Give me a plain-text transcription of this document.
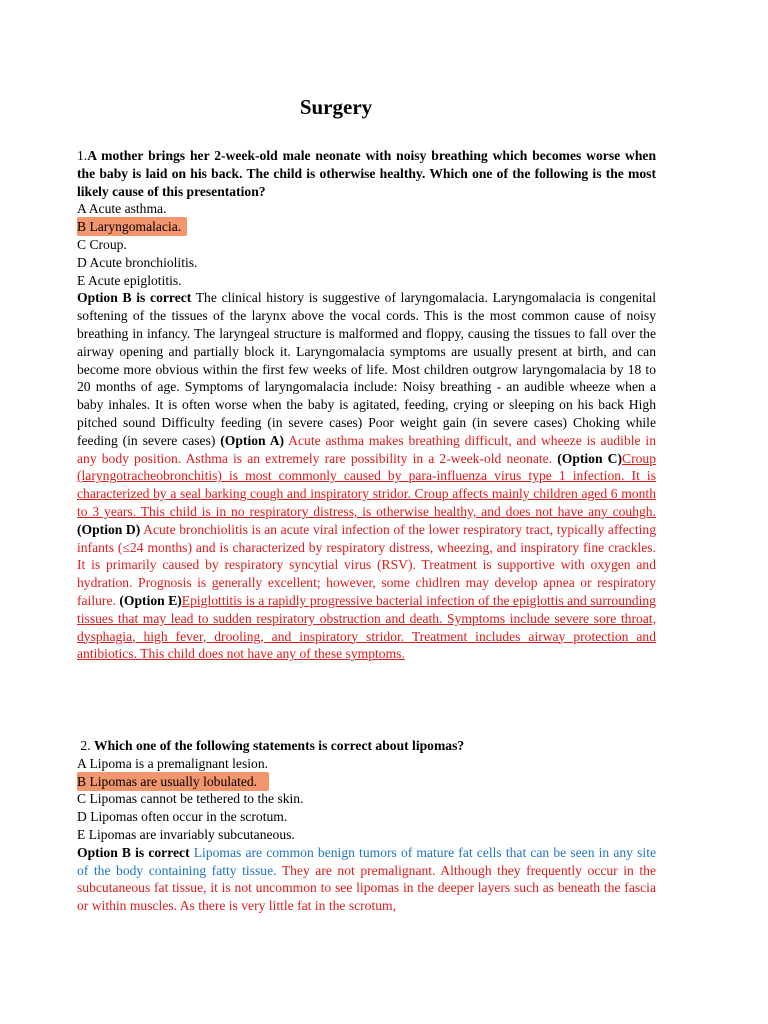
Surgery
1.A mother brings her 2-week-old male neonate with noisy breathing which becomes worse when the baby is laid on his back. The child is otherwise healthy. Which one of the following is the most likely cause of this presentation?
A Acute asthma.
B Laryngomalacia.
C Croup.
D Acute bronchiolitis.
E Acute epiglotitis.
Option B is correct The clinical history is suggestive of laryngomalacia. Laryngomalacia is congenital softening of the tissues of the larynx above the vocal cords. This is the most common cause of noisy breathing in infancy. The laryngeal structure is malformed and floppy, causing the tissues to fall over the airway opening and partially block it. Laryngomalacia symptoms are usually present at birth, and can become more obvious within the first few weeks of life. Most children outgrow laryngomalacia by 18 to 20 months of age. Symptoms of laryngomalacia include: Noisy breathing - an audible wheeze when a baby inhales. It is often worse when the baby is agitated, feeding, crying or sleeping on his back High pitched sound Difficulty feeding (in severe cases) Poor weight gain (in severe cases) Choking while feeding (in severe cases) (Option A) Acute asthma makes breathing difficult, and wheeze is audible in any body position. Asthma is an extremely rare possibility in a 2-week-old neonate. (Option C)Croup (laryngotracheobronchitis) is most commonly caused by para-influenza virus type 1 infection. It is characterized by a seal barking cough and inspiratory stridor. Croup affects mainly children aged 6 month to 3 years. This child is in no respiratory distress, is otherwise healthy, and does not have any couhgh. (Option D) Acute bronchiolitis is an acute viral infection of the lower respiratory tract, typically affecting infants (≤24 months) and is characterized by respiratory distress, wheezing, and inspiratory fine crackles. It is primarily caused by respiratory syncytial virus (RSV). Treatment is supportive with oxygen and hydration. Prognosis is generally excellent; however, some chidlren may develop apnea or respiratory failure. (Option E)Epiglottitis is a rapidly progressive bacterial infection of the epiglottis and surrounding tissues that may lead to sudden respiratory obstruction and death. Symptoms include severe sore throat, dysphagia, high fever, drooling, and inspiratory stridor. Treatment includes airway protection and antibiotics. This child does not have any of these symptoms.
2. Which one of the following statements is correct about lipomas?
A Lipoma is a premalignant lesion.
B Lipomas are usually lobulated.
C Lipomas cannot be tethered to the skin.
D Lipomas often occur in the scrotum.
E Lipomas are invariably subcutaneous.
Option B is correct Lipomas are common benign tumors of mature fat cells that can be seen in any site of the body containing fatty tissue. They are not premalignant. Although they frequently occur in the subcutaneous fat tissue, it is not uncommon to see lipomas in the deeper layers such as beneath the fascia or within muscles. As there is very little fat in the scrotum,
